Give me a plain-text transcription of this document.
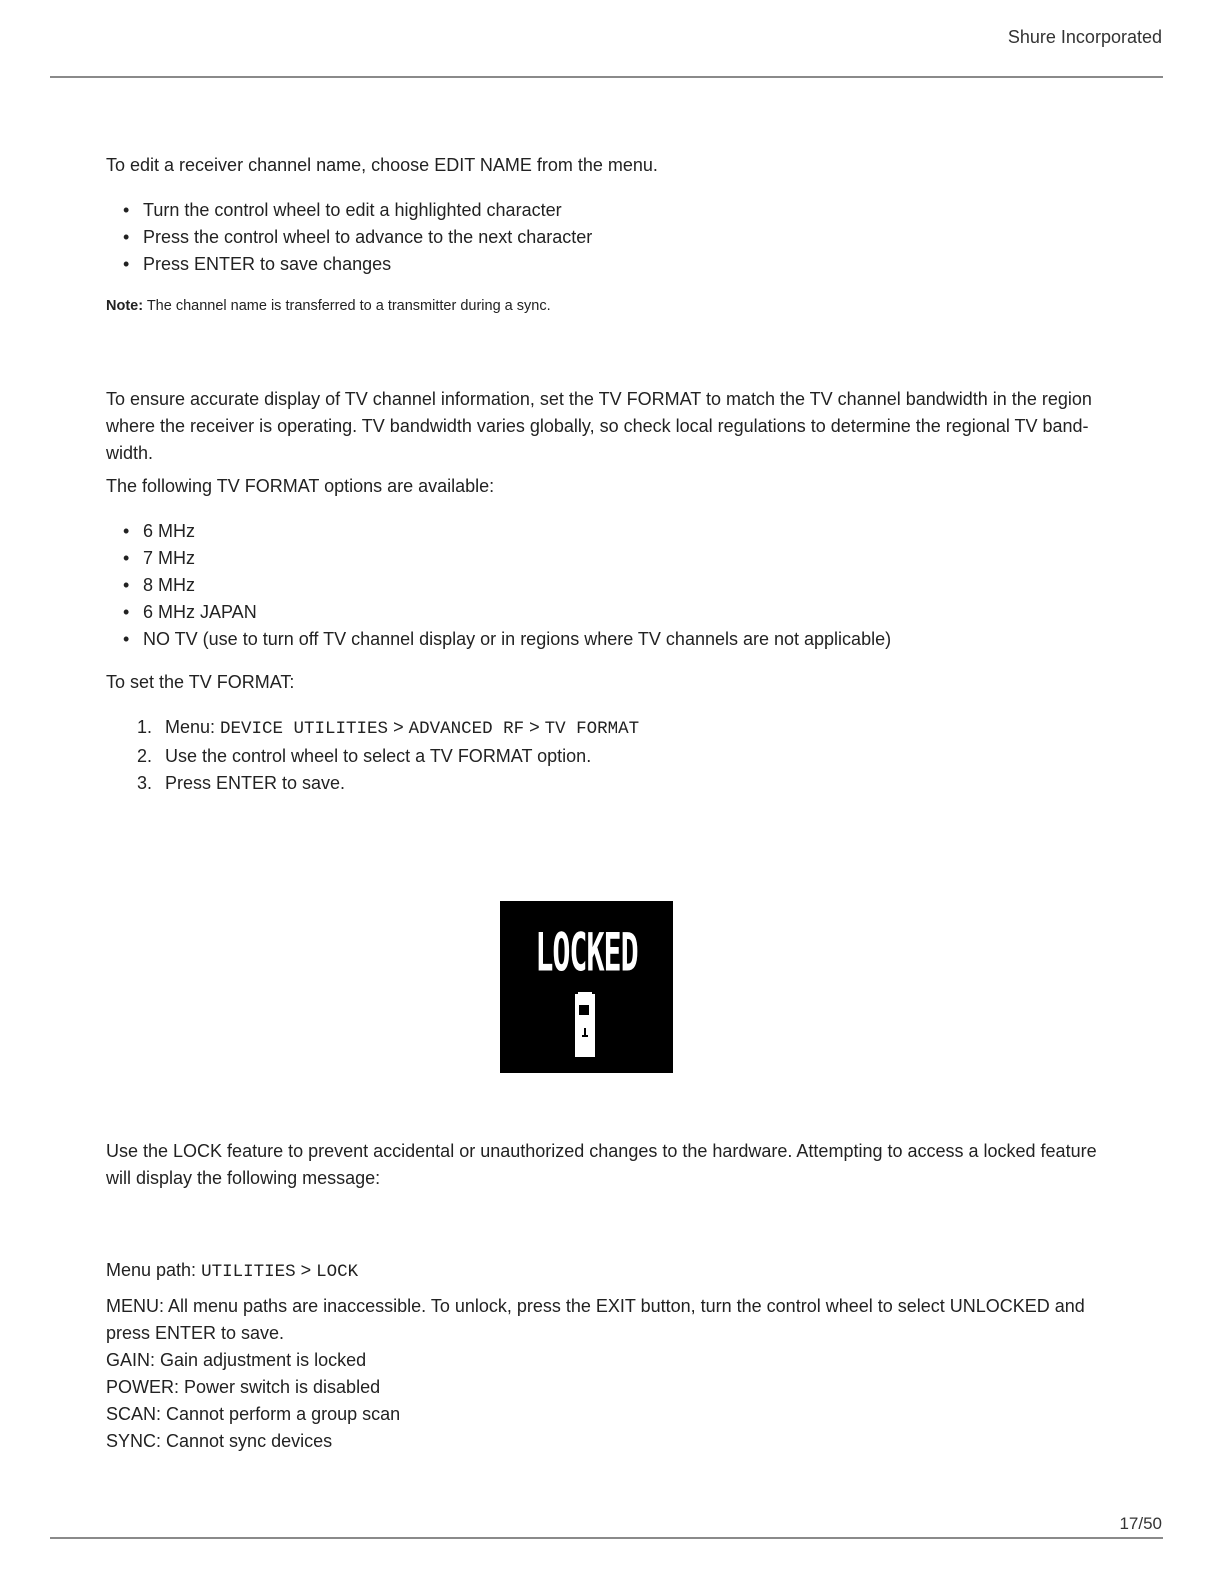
Shure Incorporated

To edit a receiver channel name, choose EDIT NAME from the menu.

• Turn the control wheel to edit a highlighted character
• Press the control wheel to advance to the next character
• Press ENTER to save changes

Note: The channel name is transferred to a transmitter during a sync.

To ensure accurate display of TV channel information, set the TV FORMAT to match the TV channel bandwidth in the region

where the receiver is operating. TV bandwidth varies globally, so check local regulations to determine the regional TV band-

width.

The following TV FORMAT options are available:

• 6 MHz
• 7 MHz
• 8 MHz
• 6 MHz JAPAN
• NO TV (use to turn off TV channel display or in regions where TV channels are not applicable)

To set the TV FORMAT:

1. Menu: DEVICE UTILITIES > ADVANCED RF > TV FORMAT
2. Use the control wheel to select a TV FORMAT option.
3. Press ENTER to save.
LOCKED

Use the LOCK feature to prevent accidental or unauthorized changes to the hardware. Attempting to access a locked feature

will display the following message:

Menu path: UTILITIES > LOCK

MENU: All menu paths are inaccessible. To unlock, press the EXIT button, turn the control wheel to select UNLOCKED and

press ENTER to save.

GAIN: Gain adjustment is locked

POWER: Power switch is disabled

SCAN: Cannot perform a group scan

SYNC: Cannot sync devices

17/50
